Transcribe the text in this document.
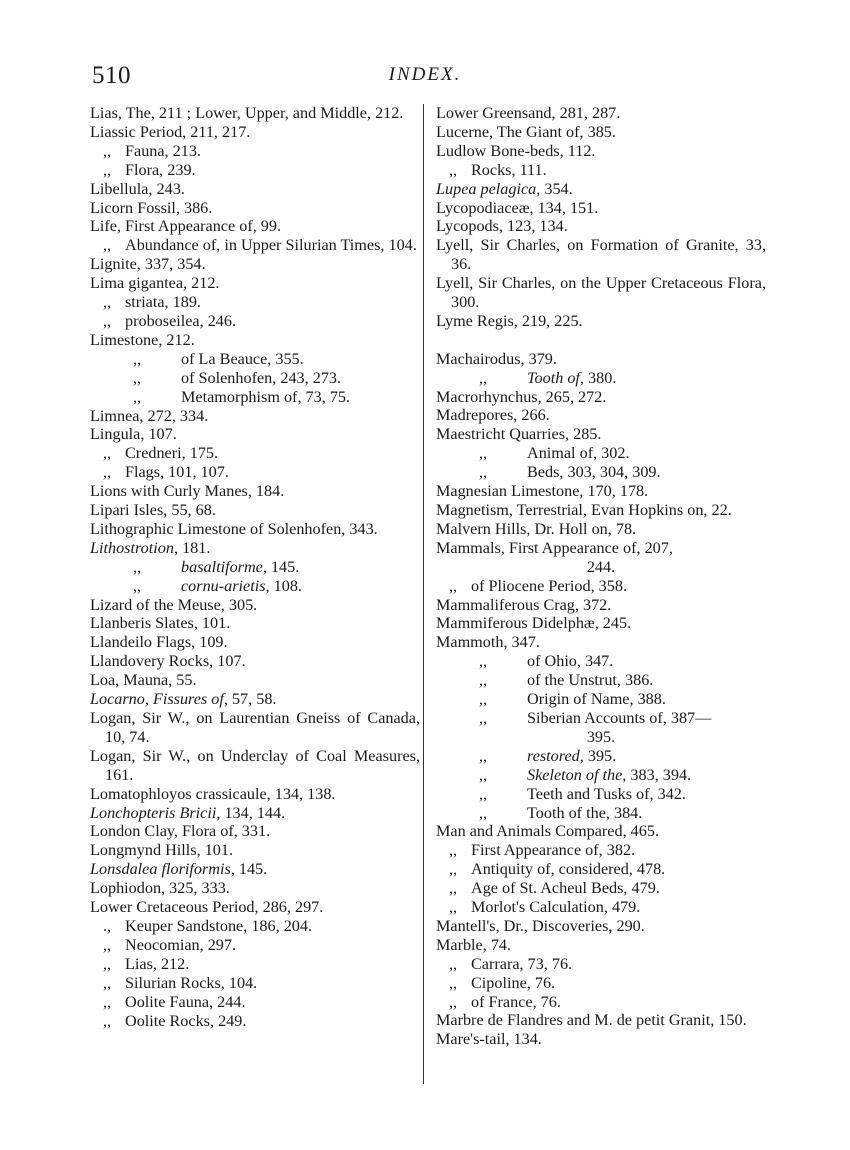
510	INDEX.
Lias, The, 211 ; Lower, Upper, and Middle, 212.
Liassic Period, 211, 217.
,, Fauna, 213.
,, Flora, 239.
Libellula, 243.
Licorn Fossil, 386.
Life, First Appearance of, 99.
,, Abundance of, in Upper Silurian Times, 104.
Lignite, 337, 354.
Lima gigantea, 212.
,, striata, 189.
,, proboseilea, 246.
Limestone, 212.
,, of La Beauce, 355.
,, of Solenhofen, 243, 273.
,, Metamorphism of, 73, 75.
Limnea, 272, 334.
Lingula, 107.
,, Credneri, 175.
,, Flags, 101, 107.
Lions with Curly Manes, 184.
Lipari Isles, 55, 68.
Lithographic Limestone of Solenhofen, 343.
Lithostrotion, 181.
,, basaltiforme, 145.
,, cornu-arietis, 108.
Lizard of the Meuse, 305.
Llanberis Slates, 101.
Llandeilo Flags, 109.
Llandovery Rocks, 107.
Loa, Mauna, 55.
Locarno, Fissures of, 57, 58.
Logan, Sir W., on Laurentian Gneiss of Canada, 10, 74.
Logan, Sir W., on Underclay of Coal Measures, 161.
Lomatophloyos crassicaule, 134, 138.
Lonchopteris Bricii, 134, 144.
London Clay, Flora of, 331.
Longmynd Hills, 101.
Lonsdalea floriformis, 145.
Lophiodon, 325, 333.
Lower Cretaceous Period, 286, 297.
., Keuper Sandstone, 186, 204.
,, Neocomian, 297.
,, Lias, 212.
,, Silurian Rocks, 104.
,, Oolite Fauna, 244.
,, Oolite Rocks, 249.
Lower Greensand, 281, 287.
Lucerne, The Giant of, 385.
Ludlow Bone-beds, 112.
,, Rocks, 111.
Lupea pelagica, 354.
Lycopodiaceæ, 134, 151.
Lycopods, 123, 134.
Lyell, Sir Charles, on Formation of Granite, 33, 36.
Lyell, Sir Charles, on the Upper Cretaceous Flora, 300.
Lyme Regis, 219, 225.
Machairodus, 379.
,, Tooth of, 380.
Macrorhynchus, 265, 272.
Madrepores, 266.
Maestricht Quarries, 285.
,, Animal of, 302.
,, Beds, 303, 304, 309.
Magnesian Limestone, 170, 178.
Magnetism, Terrestrial, Evan Hopkins on, 22.
Malvern Hills, Dr. Holl on, 78.
Mammals, First Appearance of, 207,
244.
,, of Pliocene Period, 358.
Mammaliferous Crag, 372.
Mammiferous Didelphæ, 245.
Mammoth, 347.
,, of Ohio, 347.
,, of the Unstrut, 386.
,, Origin of Name, 388.
,, Siberian Accounts of, 387—
395.
,, restored, 395.
,, Skeleton of the, 383, 394.
,, Teeth and Tusks of, 342.
,, Tooth of the, 384.
Man and Animals Compared, 465.
,, First Appearance of, 382.
,, Antiquity of, considered, 478.
,, Age of St. Acheul Beds, 479.
,, Morlot's Calculation, 479.
Mantell's, Dr., Discoveries, 290.
Marble, 74.
,, Carrara, 73, 76.
,, Cipoline, 76.
,, of France, 76.
Marbre de Flandres and M. de petit Granit, 150.
Mare's-tail, 134.
